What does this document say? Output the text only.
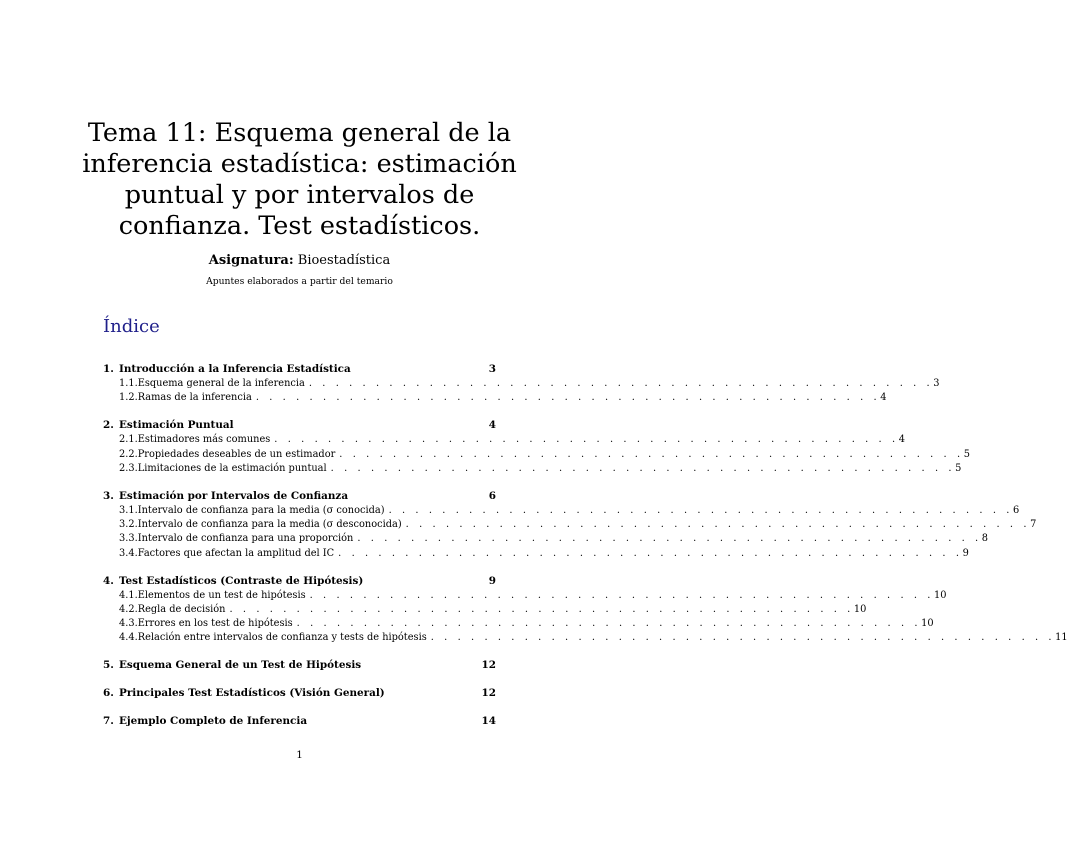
Tema 11: Esquema general de la inferencia estadística: estimación puntual y por intervalos de confianza. Test estadísticos.
Asignatura: Bioestadística
Apuntes elaborados a partir del temario
Índice
1. Introducción a la Inferencia Estadística	3
1.1. Esquema general de la inferencia . . . . . . . . . . . . . . . . . . . . . . . . . . . . . . . . . . . . . . . . . . . . . . . 3
1.2. Ramas de la inferencia . . . . . . . . . . . . . . . . . . . . . . . . . . . . . . . . . . . . . . . . . . . . . . . 4
2. Estimación Puntual	4
2.1. Estimadores más comunes . . . . . . . . . . . . . . . . . . . . . . . . . . . . . . . . . . . . . . . . . . . . . . . 4
2.2. Propiedades deseables de un estimador . . . . . . . . . . . . . . . . . . . . . . . . . . . . . . . . . . . . . . . . . . . . . . . 5
2.3. Limitaciones de la estimación puntual . . . . . . . . . . . . . . . . . . . . . . . . . . . . . . . . . . . . . . . . . . . . . . . 5
3. Estimación por Intervalos de Confianza	6
3.1. Intervalo de confianza para la media (σ conocida) . . . . . . . . . . . . . . . . . . . . . . . . . . . . . . . . . . . . . . . . . . . . . . . 6
3.2. Intervalo de confianza para la media (σ desconocida) . . . . . . . . . . . . . . . . . . . . . . . . . . . . . . . . . . . . . . . . . . . . . . . 7
3.3. Intervalo de confianza para una proporción . . . . . . . . . . . . . . . . . . . . . . . . . . . . . . . . . . . . . . . . . . . . . . . 8
3.4. Factores que afectan la amplitud del IC . . . . . . . . . . . . . . . . . . . . . . . . . . . . . . . . . . . . . . . . . . . . . . . 9
4. Test Estadísticos (Contraste de Hipótesis)	9
4.1. Elementos de un test de hipótesis . . . . . . . . . . . . . . . . . . . . . . . . . . . . . . . . . . . . . . . . . . . . . . . 10
4.2. Regla de decisión . . . . . . . . . . . . . . . . . . . . . . . . . . . . . . . . . . . . . . . . . . . . . . . 10
4.3. Errores en los test de hipótesis . . . . . . . . . . . . . . . . . . . . . . . . . . . . . . . . . . . . . . . . . . . . . . . 10
4.4. Relación entre intervalos de confianza y tests de hipótesis . . . . . . . . . . . . . . . . . . . . . . . . . . . . . . . . . . . . . . . . . . . . . . . 11
5. Esquema General de un Test de Hipótesis	12
6. Principales Test Estadísticos (Visión General)	12
7. Ejemplo Completo de Inferencia	14
1
